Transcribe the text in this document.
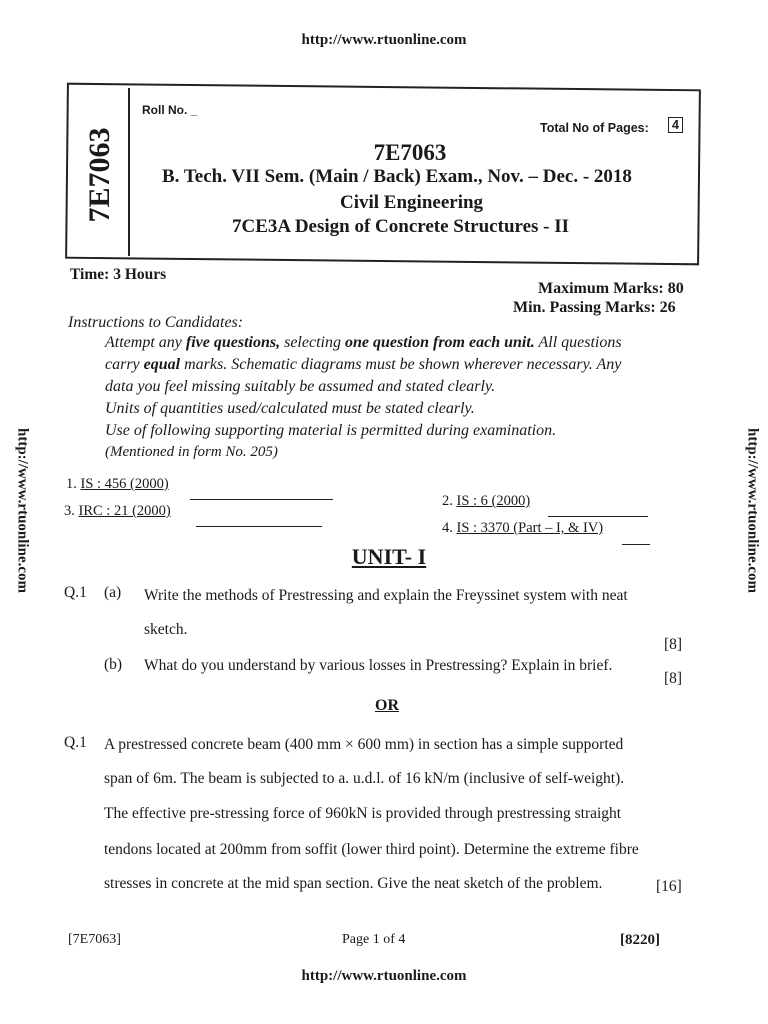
http://www.rtuonline.com
http://www.rtuonline.com
http://www.rtuonline.com	http://www.rtuonline.com
7E7063
Roll No. _
Total No of Pages:	4
7E7063
B. Tech. VII Sem. (Main / Back) Exam., Nov. – Dec. - 2018
Civil Engineering
7CE3A Design of Concrete Structures - II
Time: 3 Hours
Maximum Marks: 80
Min. Passing Marks: 26
Instructions to Candidates:
Attempt any five questions, selecting one question from each unit. All questions
carry equal marks. Schematic diagrams must be shown wherever necessary. Any
data you feel missing suitably be assumed and stated clearly.
Units of quantities used/calculated must be stated clearly.
Use of following supporting material is permitted during examination.
(Mentioned in form No. 205)
1. IS : 456 (2000)
2. IS : 6 (2000)
3. IRC : 21 (2000)
4. IS : 3370 (Part – I, & IV)
UNIT- I
Q.1 (a) Write the methods of Prestressing and explain the Freyssinet system with neat
sketch.
[8]
(b) What do you understand by various losses in Prestressing? Explain in brief.
[8]
OR
Q.1 A prestressed concrete beam (400 mm × 600 mm) in section has a simple supported
span of 6m. The beam is subjected to a. u.d.l. of 16 kN/m (inclusive of self-weight).
The effective pre-stressing force of 960kN is provided through prestressing straight
tendons located at 200mm from soffit (lower third point). Determine the extreme fibre
stresses in concrete at the mid span section. Give the neat sketch of the problem.	[16]
[7E7063]	Page 1 of 4	[8220]
